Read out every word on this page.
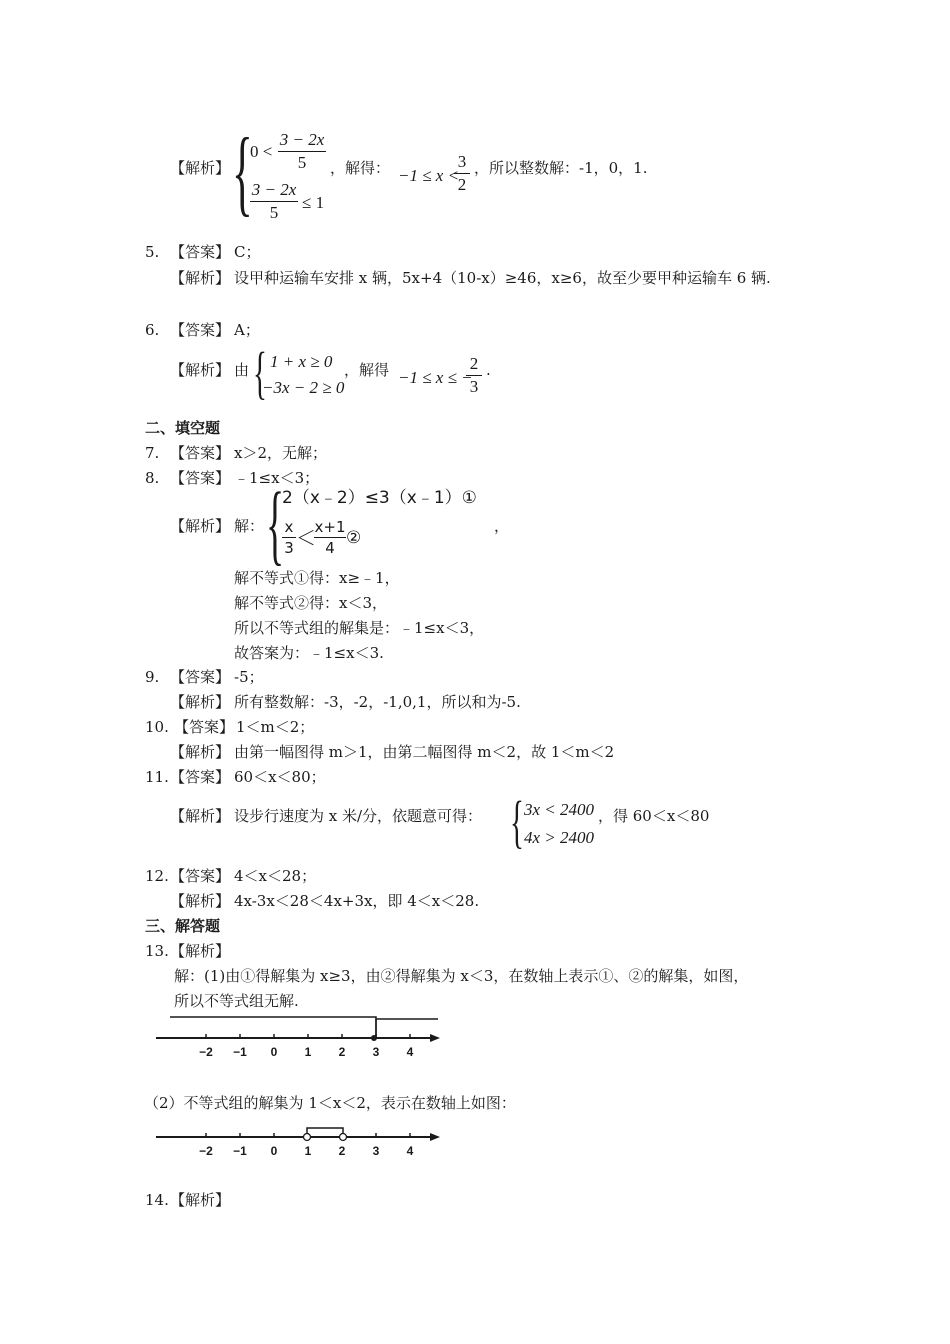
【解析】 {
0 <
3 − 2x
5
3 − 2x
5
≤ 1
，解得： −1 ≤ x <
3
2
，所以整数解：-1，0，1.
5. 【答案】 C；
【解析】 设甲种运输车安排 x 辆，5x+4（10-x）≥46，x≥6，故至少要甲种运输车 6 辆.
6. 【答案】 A；
【解析】 由 { 1 + x ≥ 0
−3x − 2 ≥ 0
，解得 −1 ≤ x ≤ −
2
3
.
二、填空题
7. 【答案】 x＞2，无解；
8. 【答案】 ﹣1≤x＜3；
【解析】 解： {
2（x﹣2）≤3（x﹣1）①
x
3 ＜
x+1
4 ②
，
解不等式①得：x≥﹣1，
解不等式②得：x＜3，
所以不等式组的解集是：﹣1≤x＜3，
故答案为：﹣1≤x＜3.
9. 【答案】 -5；
【解析】 所有整数解：-3，-2，-1,0,1，所以和为-5.
10. 【答案】 1＜m＜2；
【解析】 由第一幅图得 m＞1，由第二幅图得 m＜2，故 1＜m＜2
11. 【答案】 60＜x＜80；
【解析】 设步行速度为 x 米/分，依题意可得： { 3x < 2400
4x > 2400
，得 60＜x＜80
12. 【答案】 4＜x＜28；
【解析】 4x-3x＜28＜4x+3x，即 4＜x＜28.
三、解答题
13. 【解析】
解：(1)由①得解集为 x≥3，由②得解集为 x＜3，在数轴上表示①、②的解集，如图，
所以不等式组无解.
−2 −1 0 1 2 3 4
（2）不等式组的解集为 1＜x＜2，表示在数轴上如图：
−2 −1 0 1 2 3 4
14. 【解析】
